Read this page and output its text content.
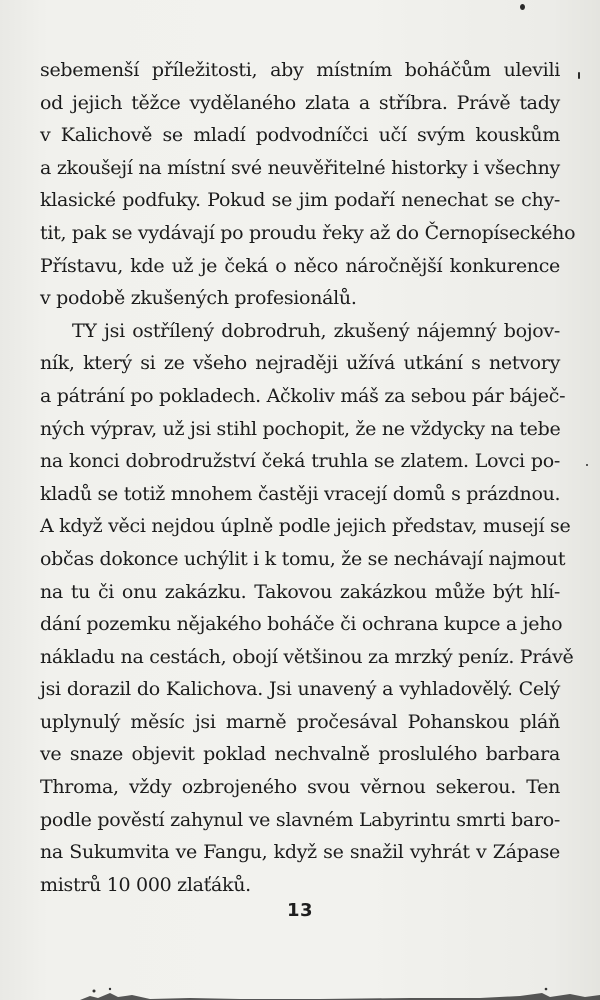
sebemenší příležitosti, aby místním boháčům ulevili
od jejich těžce vydělaného zlata a stříbra. Právě tady
v Kalichově se mladí podvodníčci učí svým kouskům
a zkoušejí na místní své neuvěřitelné historky i všechny
klasické podfuky. Pokud se jim podaří nenechat se chy-
tit, pak se vydávají po proudu řeky až do Černopíseckého
Přístavu, kde už je čeká o něco náročnější konkurence
v podobě zkušených profesionálů.
TY jsi ostřílený dobrodruh, zkušený nájemný bojov-
ník, který si ze všeho nejraději užívá utkání s netvory
a pátrání po pokladech. Ačkoliv máš za sebou pár báječ-
ných výprav, už jsi stihl pochopit, že ne vždycky na tebe
na konci dobrodružství čeká truhla se zlatem. Lovci po-
kladů se totiž mnohem častěji vracejí domů s prázdnou.
A když věci nejdou úplně podle jejich představ, musejí se
občas dokonce uchýlit i k tomu, že se nechávají najmout
na tu či onu zakázku. Takovou zakázkou může být hlí-
dání pozemku nějakého boháče či ochrana kupce a jeho
nákladu na cestách, obojí většinou za mrzký peníz. Právě
jsi dorazil do Kalichova. Jsi unavený a vyhladovělý. Celý
uplynulý měsíc jsi marně pročesával Pohanskou pláň
ve snaze objevit poklad nechvalně proslulého barbara
Throma, vždy ozbrojeného svou věrnou sekerou. Ten
podle pověstí zahynul ve slavném Labyrintu smrti baro-
na Sukumvita ve Fangu, když se snažil vyhrát v Zápase
mistrů 10 000 zlaťáků.
13
